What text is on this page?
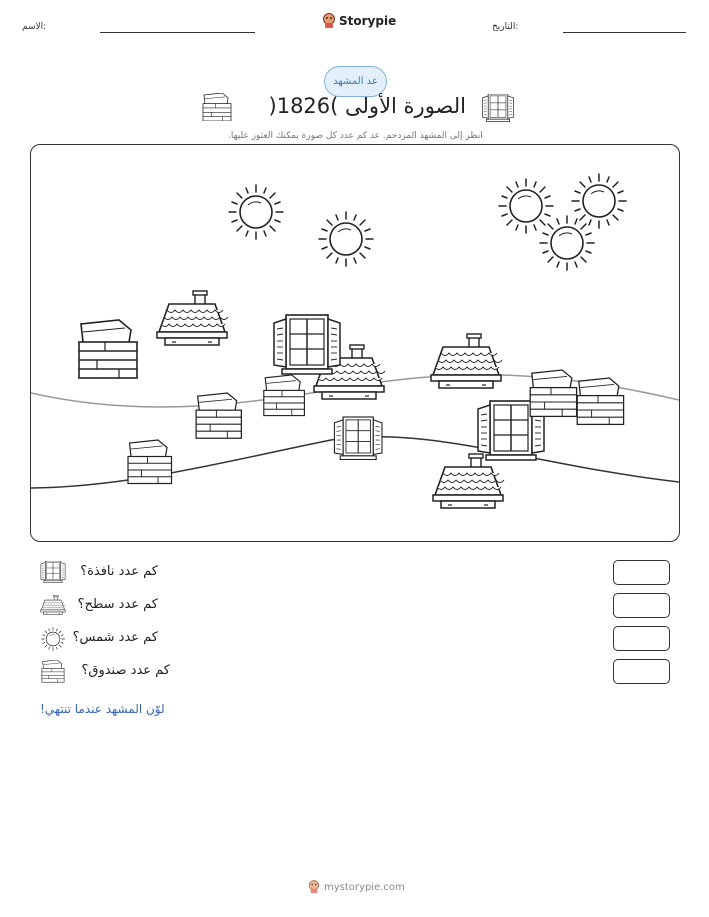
الاسم:	Storypie	التاريخ:
عد المشهد
الصورة الأولى )1826(
انظر إلى المشهد المزدحم. عد كم عدد كل صورة يمكنك العثور عليها.
كم عدد نافذة؟
كم عدد سطح؟
كم عدد شمس؟
كم عدد صندوق؟
لوّن المشهد عندما تنتهي!
mystorypie.com
